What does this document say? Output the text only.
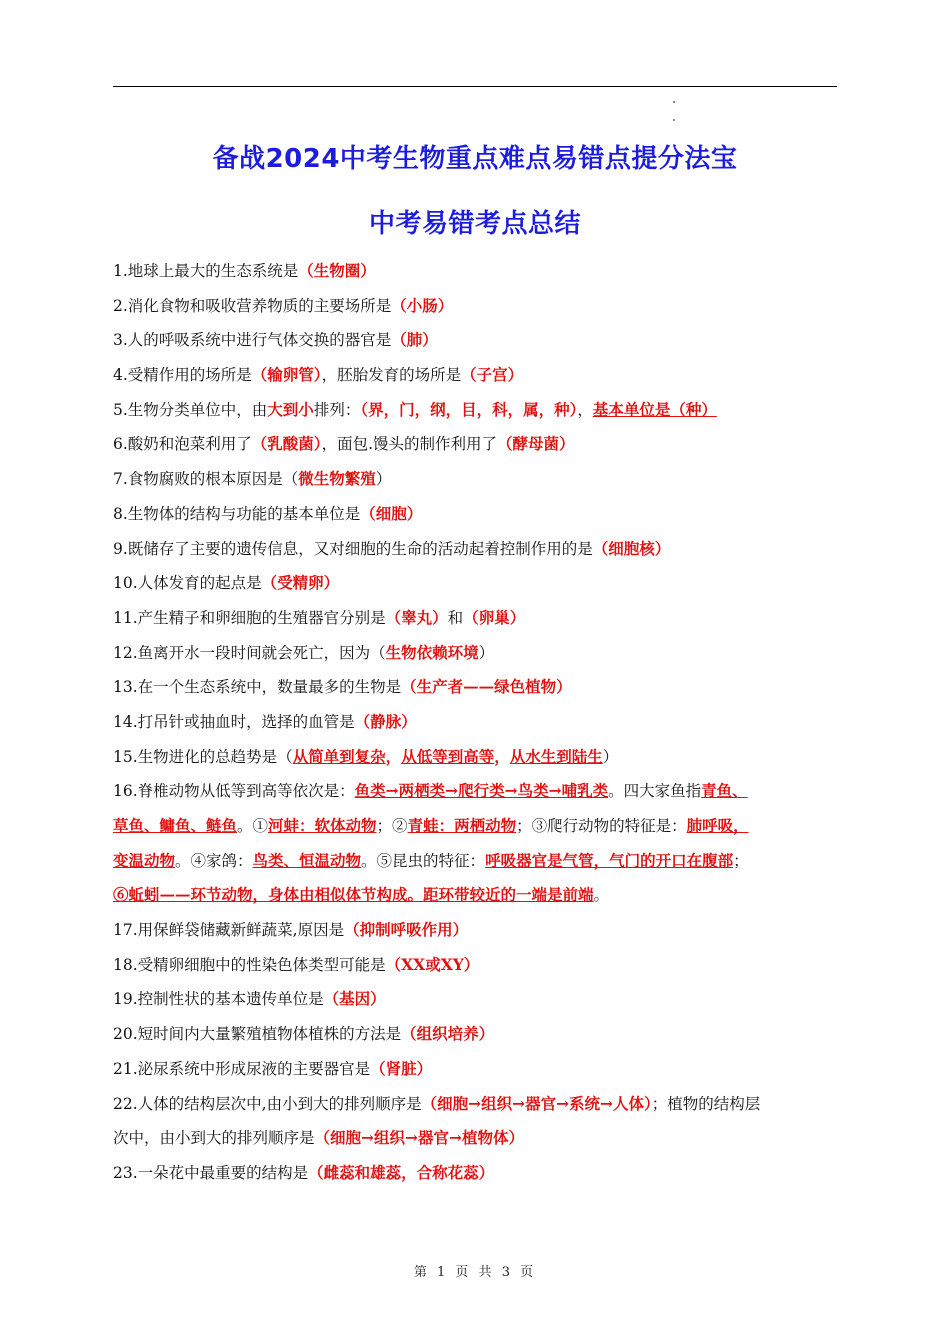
备战2024中考生物重点难点易错点提分法宝
中考易错考点总结
1.地球上最大的生态系统是（生物圈）
2.消化食物和吸收营养物质的主要场所是（小肠）
3.人的呼吸系统中进行气体交换的器官是（肺）
4.受精作用的场所是（输卵管），胚胎发育的场所是（子宫）
5.生物分类单位中，由大到小排列：（界，门，纲，目，科，属，种），基本单位是（种）
6.酸奶和泡菜利用了（乳酸菌），面包.馒头的制作利用了（酵母菌）
7.食物腐败的根本原因是（微生物繁殖）
8.生物体的结构与功能的基本单位是（细胞）
9.既储存了主要的遗传信息，又对细胞的生命的活动起着控制作用的是（细胞核）
10.人体发育的起点是（受精卵）
11.产生精子和卵细胞的生殖器官分别是（睾丸）和（卵巢）
12.鱼离开水一段时间就会死亡，因为（生物依赖环境）
13.在一个生态系统中，数量最多的生物是（生产者——绿色植物）
14.打吊针或抽血时，选择的血管是（静脉）
15.生物进化的总趋势是（从简单到复杂，从低等到高等，从水生到陆生）
16.脊椎动物从低等到高等依次是：鱼类→两栖类→爬行类→鸟类→哺乳类。四大家鱼指青鱼、
草鱼、鳙鱼、鲢鱼。①河蚌：软体动物；②青蛙：两栖动物；③爬行动物的特征是：肺呼吸，
变温动物。④家鸽：鸟类、恒温动物。⑤昆虫的特征：呼吸器官是气管，气门的开口在腹部；
⑥蚯蚓——环节动物，身体由相似体节构成。距环带较近的一端是前端。
17.用保鲜袋储藏新鲜蔬菜,原因是（抑制呼吸作用）
18.受精卵细胞中的性染色体类型可能是（XX或XY）
19.控制性状的基本遗传单位是（基因）
20.短时间内大量繁殖植物体植株的方法是（组织培养）
21.泌尿系统中形成尿液的主要器官是（肾脏）
22.人体的结构层次中,由小到大的排列顺序是（细胞→组织→器官→系统→人体）；植物的结构层
次中，由小到大的排列顺序是（细胞→组织→器官→植物体）
23.一朵花中最重要的结构是（雌蕊和雄蕊，合称花蕊）
第 1 页 共 3 页
